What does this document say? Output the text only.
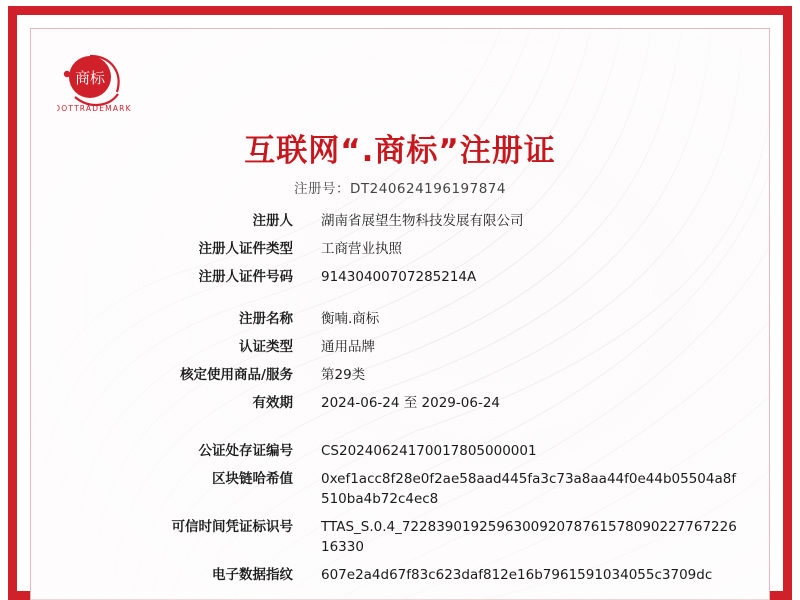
商标
DOTTRADEMARK
互联网“.商标”注册证
注册号：DT240624196197874
注册人 湖南省展望生物科技发展有限公司
注册人证件类型 工商营业执照
注册人证件号码 91430400707285214A
注册名称 衡喃.商标
认证类型 通用品牌
核定使用商品/服务 第29类
有效期 2024-06-24 至 2029-06-24
公证处存证编号 CS20240624170017805000001
区块链哈希值 0xef1acc8f28e0f2ae58aad445fa3c73a8aa44f0e44b05504a8f510ba4b72c4ec8
可信时间凭证标识号 TTAS_S.0.4_72283901925963009207876157809022776722616330
电子数据指纹 607e2a4d67f83c623daf812e16b7961591034055c3709dc
